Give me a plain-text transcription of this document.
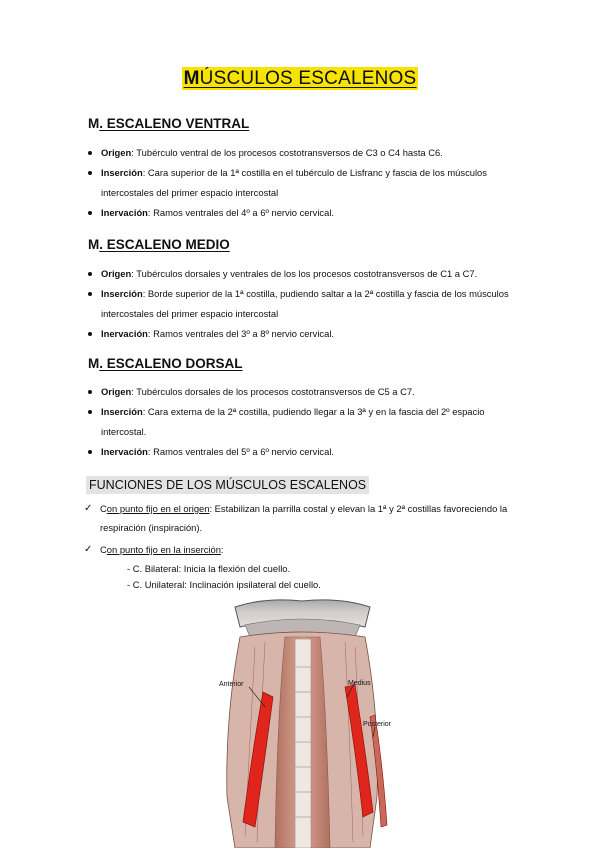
MÚSCULOS ESCALENOS
M. ESCALENO VENTRAL
Origen: Tubérculo ventral de los procesos costotransversos de C3 o C4 hasta C6.
Inserción: Cara superior de la 1ª costilla en el tubérculo de Lisfranc y fascia de los músculos intercostales del primer espacio intercostal
Inervación: Ramos ventrales del 4º a 6º nervio cervical.
M. ESCALENO MEDIO
Origen: Tubérculos dorsales y ventrales de los los procesos costotransversos de C1 a C7.
Inserción: Borde superior de la 1ª costilla, pudiendo saltar a la 2ª costilla y fascia de los músculos intercostales del primer espacio intercostal
Inervación: Ramos ventrales del 3º a 8º nervio cervical.
M. ESCALENO DORSAL
Origen: Tubérculos dorsales de los procesos costotransversos de C5 a C7.
Inserción: Cara externa de la 2ª costilla, pudiendo llegar a la 3ª y en la fascia del 2º espacio intercostal.
Inervación: Ramos ventrales del 5º a 6º nervio cervical.
FUNCIONES DE LOS MÚSCULOS ESCALENOS
✓ Con punto fijo en el origen: Estabilizan la parrilla costal y elevan la 1ª y 2ª costillas favoreciendo la respiración (inspiración).
✓ Con punto fijo en la inserción:
- C. Bilateral: Inicia la flexión del cuello.
- C. Unilateral: Inclinación ipsilateral del cuello.
Anterior	Medius
Posterior
